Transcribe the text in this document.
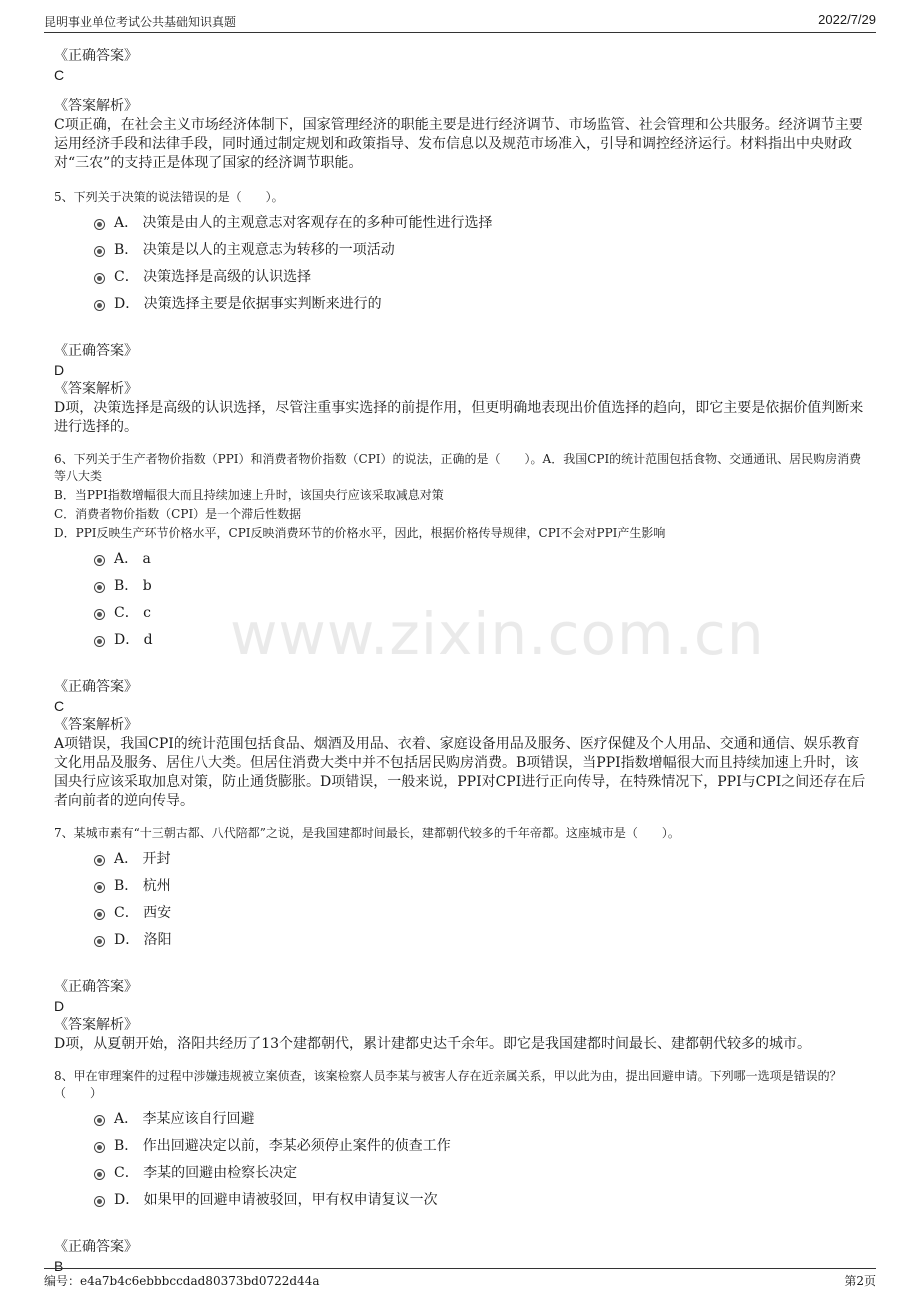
昆明事业单位考试公共基础知识真题	2022/7/29
《正确答案》
C
《答案解析》
C项正确，在社会主义市场经济体制下，国家管理经济的职能主要是进行经济调节、市场监管、社会管理和公共服务。经济调节主要运用经济手段和法律手段，同时通过制定规划和政策指导、发布信息以及规范市场准入，引导和调控经济运行。材料指出中央财政对“三农”的支持正是体现了国家的经济调节职能。
5、下列关于决策的说法错误的是（　　）。
A． 决策是由人的主观意志对客观存在的多种可能性进行选择
B． 决策是以人的主观意志为转移的一项活动
C． 决策选择是高级的认识选择
D． 决策选择主要是依据事实判断来进行的
《正确答案》
D
《答案解析》
D项，决策选择是高级的认识选择，尽管注重事实选择的前提作用，但更明确地表现出价值选择的趋向，即它主要是依据价值判断来进行选择的。
6、下列关于生产者物价指数（PPI）和消费者物价指数（CPI）的说法，正确的是（　　）。A．我国CPI的统计范围包括食物、交通通讯、居民购房消费等八大类
B．当PPI指数增幅很大而且持续加速上升时，该国央行应该采取减息对策
C．消费者物价指数（CPI）是一个滞后性数据
D．PPI反映生产环节价格水平，CPI反映消费环节的价格水平，因此，根据价格传导规律，CPI不会对PPI产生影响
A． a
B． b
C． c
D． d
《正确答案》
C
《答案解析》
A项错误，我国CPI的统计范围包括食品、烟酒及用品、衣着、家庭设备用品及服务、医疗保健及个人用品、交通和通信、娱乐教育文化用品及服务、居住八大类。但居住消费大类中并不包括居民购房消费。B项错误，当PPI指数增幅很大而且持续加速上升时，该国央行应该采取加息对策，防止通货膨胀。D项错误，一般来说，PPI对CPI进行正向传导，在特殊情况下，PPI与CPI之间还存在后者向前者的逆向传导。
7、某城市素有“十三朝古都、八代陪都”之说，是我国建都时间最长，建都朝代较多的千年帝都。这座城市是（　　）。
A． 开封
B． 杭州
C． 西安
D． 洛阳
《正确答案》
D
《答案解析》
D项，从夏朝开始，洛阳共经历了13个建都朝代，累计建都史达千余年。即它是我国建都时间最长、建都朝代较多的城市。
8、甲在审理案件的过程中涉嫌违规被立案侦查，该案检察人员李某与被害人存在近亲属关系，甲以此为由，提出回避申请。下列哪一选项是错误的？（　　）
A． 李某应该自行回避
B． 作出回避决定以前，李某必须停止案件的侦查工作
C． 李某的回避由检察长决定
D． 如果甲的回避申请被驳回，甲有权申请复议一次
《正确答案》
B
www.zixin.com.cn
编号：e4a7b4c6ebbbccdad80373bd0722d44a	第2页
